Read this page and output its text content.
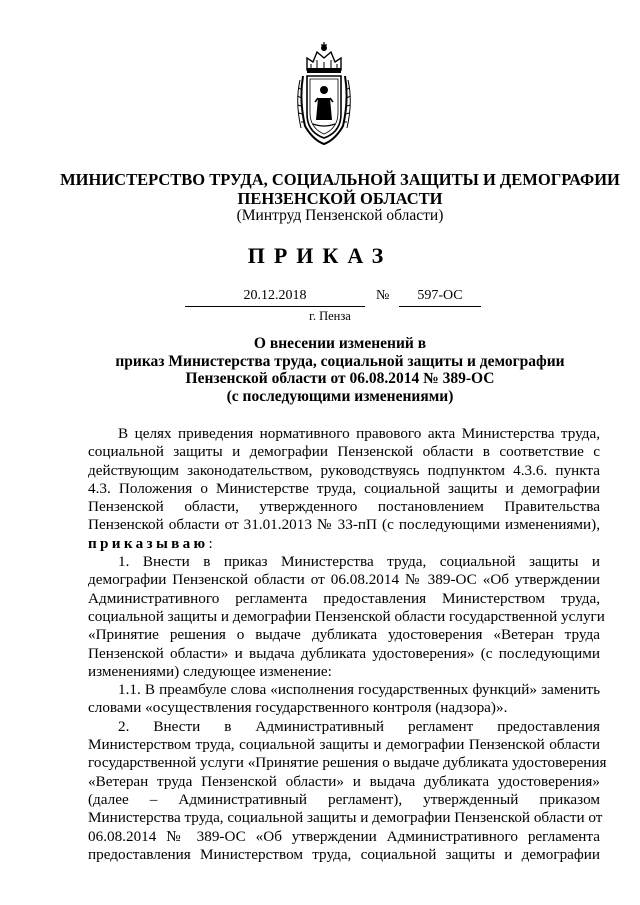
МИНИСТЕРСТВО ТРУДА, СОЦИАЛЬНОЙ ЗАЩИТЫ И ДЕМОГРАФИИ
ПЕНЗЕНСКОЙ ОБЛАСТИ
(Минтруд Пензенской области)
ПРИКАЗ
20.12.2018	№	597-ОС
г. Пенза
О внесении изменений в
приказ Министерства труда, социальной защиты и демографии
Пензенской области от 06.08.2014 № 389-ОС
(с последующими изменениями)
В целях приведения нормативного правового акта Министерства труда,
социальной защиты и демографии Пензенской области в соответствие с
действующим законодательством, руководствуясь подпунктом 4.3.6. пункта
4.3. Положения о Министерстве труда, социальной защиты и демографии
Пензенской области, утвержденного постановлением Правительства
Пензенской области от 31.01.2013 № 33-пП (с последующими изменениями),
приказываю:
1. Внести в приказ Министерства труда, социальной защиты и
демографии Пензенской области от 06.08.2014 № 389-ОС «Об утверждении
Административного регламента предоставления Министерством труда,
социальной защиты и демографии Пензенской области государственной услуги
«Принятие решения о выдаче дубликата удостоверения «Ветеран труда
Пензенской области» и выдача дубликата удостоверения» (с последующими
изменениями) следующее изменение:
1.1. В преамбуле слова «исполнения государственных функций» заменить
словами «осуществления государственного контроля (надзора)».
2. Внести в Административный регламент предоставления
Министерством труда, социальной защиты и демографии Пензенской области
государственной услуги «Принятие решения о выдаче дубликата удостоверения
«Ветеран труда Пензенской области» и выдача дубликата удостоверения»
(далее – Административный регламент), утвержденный приказом
Министерства труда, социальной защиты и демографии Пензенской области от
06.08.2014 № 389-ОС «Об утверждении Административного регламента
предоставления Министерством труда, социальной защиты и демографии
